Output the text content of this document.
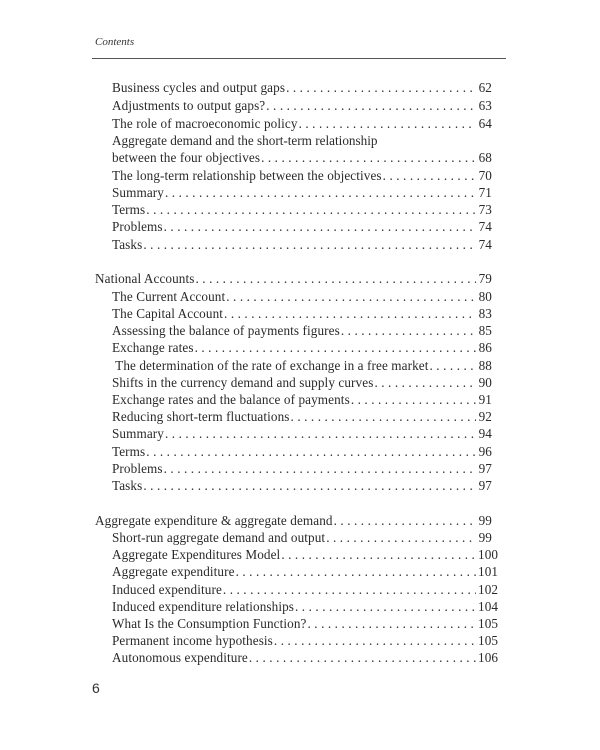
Contents
Business cycles and output gaps . . .	62
Adjustments to output gaps? . . .	63
The role of macroeconomic policy . . .	64
Aggregate demand and the short-term relationship
between the four objectives . . .	68
The long-term relationship between the objectives . . .	70
Summary . . .	71
Terms . . .	73
Problems . . .	74
Tasks . . .	74
National Accounts . . .	79
The Current Account . . .	80
The Capital Account . . .	83
Assessing the balance of payments figures . . .	85
Exchange rates . . .	86
The determination of the rate of exchange in a free market . . .	88
Shifts in the currency demand and supply curves . . .	90
Exchange rates and the balance of payments . . .	91
Reducing short-term fluctuations . . .	92
Summary . . .	94
Terms . . .	96
Problems . . .	97
Tasks . . .	97
Aggregate expenditure & aggregate demand . . .	99
Short-run aggregate demand and output . . .	99
Aggregate Expenditures Model . . .	100
Aggregate expenditure . . .	101
Induced expenditure . . .	102
Induced expenditure relationships . . .	104
What Is the Consumption Function? . . .	105
Permanent income hypothesis . . .	105
Autonomous expenditure . . .	106
6
